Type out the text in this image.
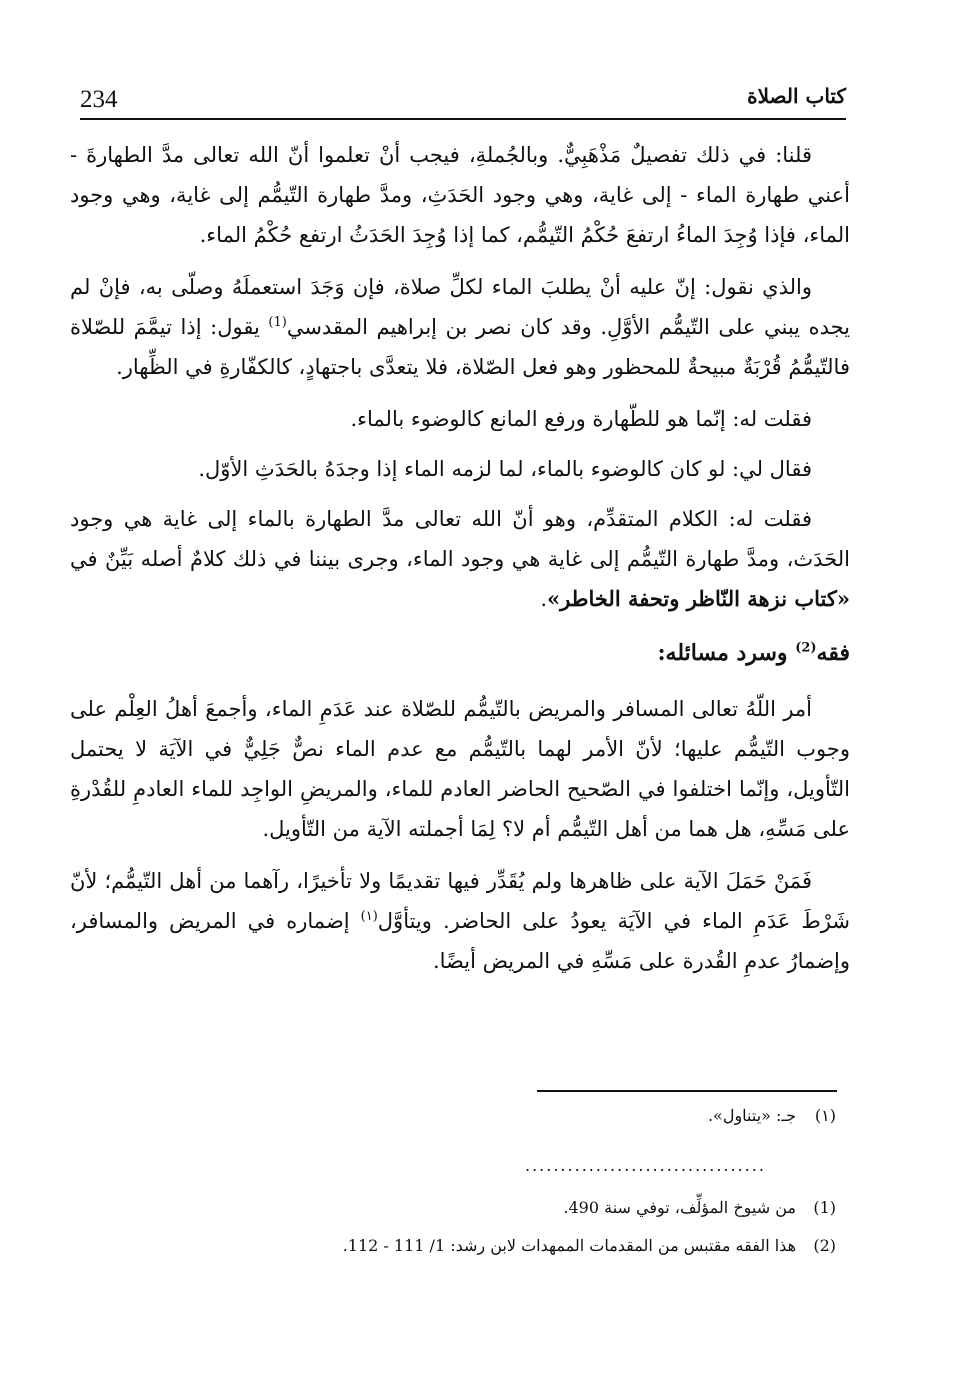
234	كتاب الصلاة

قلنا: في ذلك تفصيلٌ مَذْهَبِيٌّ. وبالجُملةِ، فيجب أنْ تعلموا أنّ الله تعالى مدَّ الطهارةَ - أعني طهارة الماء - إلى غاية، وهي وجود الحَدَثِ، ومدَّ طهارة التّيمُّم إلى غاية، وهي وجود الماء، فإذا وُجِدَ الماءُ ارتفعَ حُكْمُ التّيمُّم، كما إذا وُجِدَ الحَدَثُ ارتفع حُكْمُ الماء.

والذي نقول: إنّ عليه أنْ يطلبَ الماء لكلِّ صلاة، فإن وَجَدَ استعملَهُ وصلّى به، فإنْ لم يجده يبني على التّيمُّم الأوَّلِ. وقد كان نصر بن إبراهيم المقدسي$^{(1)}$ يقول: إذا تيمَّمَ للصّلاة فالتّيمُّمُ قُرْبَةٌ مبيحةٌ للمحظور وهو فعل الصّلاة، فلا يتعدَّى باجتهادٍ، كالكفّارةِ في الظِّهار.

فقلت له: إنّما هو للطّهارة ورفع المانع كالوضوء بالماء.

فقال لي: لو كان كالوضوء بالماء، لما لزمه الماء إذا وجدَهُ بالحَدَثِ الأوّل.

فقلت له: الكلام المتقدِّم، وهو أنّ الله تعالى مدَّ الطهارة بالماء إلى غاية هي وجود الحَدَث، ومدَّ طهارة التّيمُّم إلى غاية هي وجود الماء، وجرى بيننا في ذلك كلامٌ أصله بَيِّنٌ في «كتاب نزهة النّاظر وتحفة الخاطر».

فقه$^{(2)}$ وسرد مسائله:

أمر اللّهُ تعالى المسافر والمريض بالتّيمُّم للصّلاة عند عَدَمِ الماء، وأجمعَ أهلُ العِلْم على وجوب التّيمُّم عليها؛ لأنّ الأمر لهما بالتّيمُّم مع عدم الماء نصٌّ جَلِيٌّ في الآيَة لا يحتمل التّأويل، وإنّما اختلفوا في الصّحيح الحاضر العادم للماء، والمريضِ الواجِد للماء العادمِ للقُدْرةِ على مَسِّهِ، هل هما من أهل التّيمُّم أم لا؟ لِمَا أجملته الآية من التّأويل.

فَمَنْ حَمَلَ الآية على ظاهرها ولم يُقَدِّر فيها تقديمًا ولا تأخيرًا، رآهما من أهل التّيمُّم؛ لأنّ شَرْطَ عَدَمِ الماء في الآيَة يعودُ على الحاضر. ويتأوَّل$^{(١)}$ إضماره في المريض والمسافر، وإضمارُ عدمِ القُدرة على مَسِّهِ في المريض أيضًا.

(١)جـ: «يتناول».
..................................
(1)من شيوخ المؤلِّف، توفي سنة 490.
(2)هذا الفقه مقتبس من المقدمات الممهدات لابن رشد: 1/ 111 - 112.
